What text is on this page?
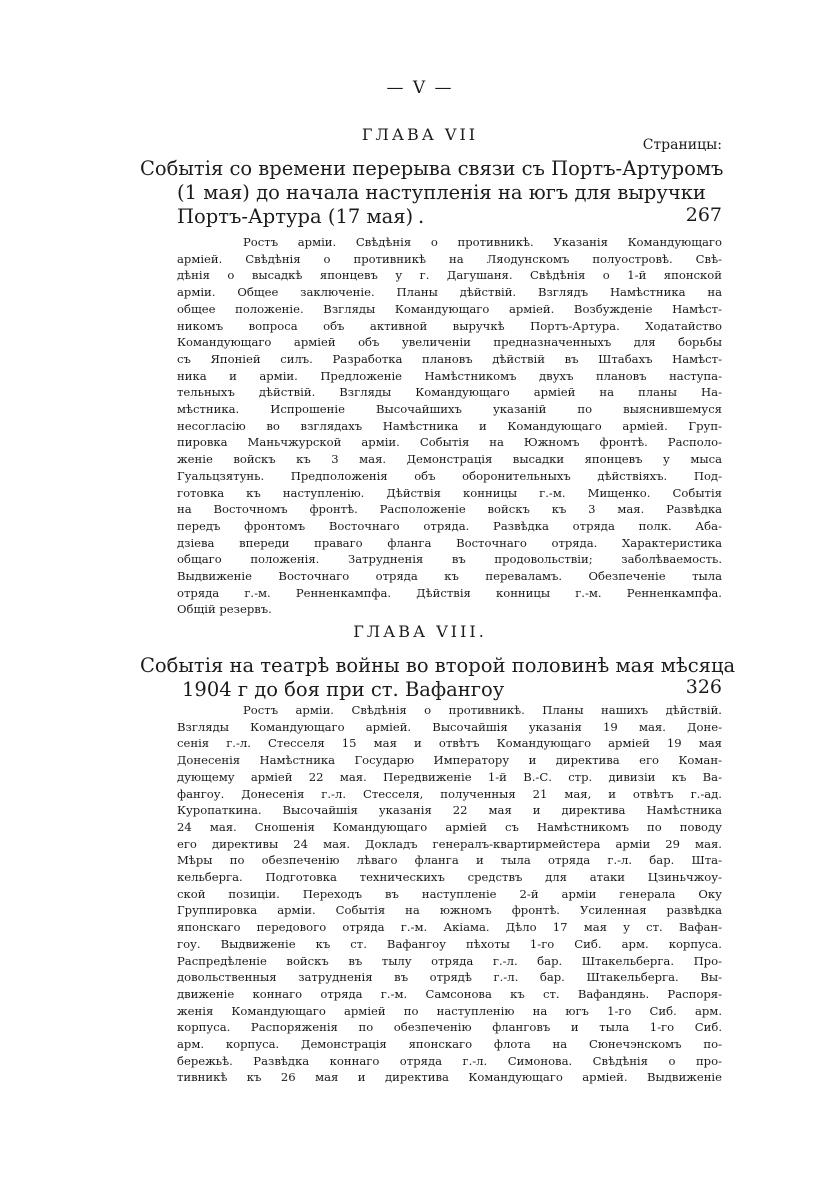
— V —
ГЛАВА VII
Страницы:
Событія со времени перерыва связи съ Портъ-Артуромъ
(1 мая) до начала наступленія на югъ для выручки
Портъ-Артура (17 мая) .	267
Ростъ арміи. Свѣдѣнія о противникѣ. Указанія Командующаго
арміей. Свѣдѣнія о противникѣ на Ляодунскомъ полуостровѣ. Свѣ-
дѣнія о высадкѣ японцевъ у г. Дагушаня. Свѣдѣнія о 1-й японской
арміи. Общее заключеніе. Планы дѣйствій. Взглядъ Намѣстника на
общее положеніе. Взгляды Командующаго арміей. Возбужденіе Намѣст-
никомъ вопроса объ активной выручкѣ Портъ-Артура. Ходатайство
Командующаго арміей объ увеличеніи предназначенныхъ для борьбы
съ Японіей силъ. Разработка плановъ дѣйствій въ Штабахъ Намѣст-
ника и арміи. Предложеніе Намѣстникомъ двухъ плановъ наступа-
тельныхъ дѣйствій. Взгляды Командующаго арміей на планы На-
мѣстника. Испрошеніе Высочайшихъ указаній по выяснившемуся
несогласію во взглядахъ Намѣстника и Командующаго арміей. Груп-
пировка Маньчжурской арміи. Событія на Южномъ фронтѣ. Располо-
женіе войскъ къ 3 мая. Демонстрація высадки японцевъ у мыса
Гуальцзятунь. Предположенія объ оборонительныхъ дѣйствіяхъ. Под-
готовка къ наступленію. Дѣйствія конницы г.-м. Мищенко. Событія
на Восточномъ фронтѣ. Расположеніе войскъ къ 3 мая. Развѣдка
передъ фронтомъ Восточнаго отряда. Развѣдка отряда полк. Аба-
дзіева впереди праваго фланга Восточнаго отряда. Характеристика
общаго положенія. Затрудненія въ продовольствіи; заболѣваемость.
Выдвиженіе Восточнаго отряда къ переваламъ. Обезпеченіе тыла
отряда г.-м. Ренненкампфа. Дѣйствія конницы г.-м. Ренненкампфа.
Общій резервъ.
ГЛАВА VIII.
Событія на театрѣ войны во второй половинѣ мая мѣсяца
1904 г до боя при ст. Вафангоу	326
Ростъ арміи. Свѣдѣнія о противникѣ. Планы нашихъ дѣйствій.
Взгляды Командующаго арміей. Высочайшія указанія 19 мая. Доне-
сенія г.-л. Стесселя 15 мая и отвѣтъ Командующаго арміей 19 мая
Донесенія Намѣстника Государю Императору и директива его Коман-
дующему арміей 22 мая. Передвиженіе 1-й В.-С. стр. дивизіи къ Ва-
фангоу. Донесенія г.-л. Стесселя, полученныя 21 мая, и отвѣтъ г.-ад.
Куропаткина. Высочайшія указанія 22 мая и директива Намѣстника
24 мая. Сношенія Командующаго арміей съ Намѣстникомъ по поводу
его директивы 24 мая. Докладъ генералъ-квартирмейстера арміи 29 мая.
Мѣры по обезпеченію лѣваго фланга и тыла отряда г.-л. бар. Шта-
кельберга. Подготовка техническихъ средствъ для атаки Цзиньчжоу-
ской позиціи. Переходъ въ наступленіе 2-й арміи генерала Оку
Группировка арміи. Событія на южномъ фронтѣ. Усиленная развѣдка
японскаго передового отряда г.-м. Акіама. Дѣло 17 мая у ст. Вафан-
гоу. Выдвиженіе къ ст. Вафангоу пѣхоты 1-го Сиб. арм. корпуса.
Распредѣленіе войскъ въ тылу отряда г.-л. бар. Штакельберга. Про-
довольственныя затрудненія въ отрядѣ г.-л. бар. Штакельберга. Вы-
движеніе коннаго отряда г.-м. Самсонова къ ст. Вафандянь. Распоря-
женія Командующаго арміей по наступленію на югъ 1-го Сиб. арм.
корпуса. Распоряженія по обезпеченію фланговъ и тыла 1-го Сиб.
арм. корпуса. Демонстрація японскаго флота на Сюнечэнскомъ по-
бережьѣ. Развѣдка коннаго отряда г.-л. Симонова. Свѣдѣнія о про-
тивникѣ къ 26 мая и директива Командующаго арміей. Выдвиженіе
